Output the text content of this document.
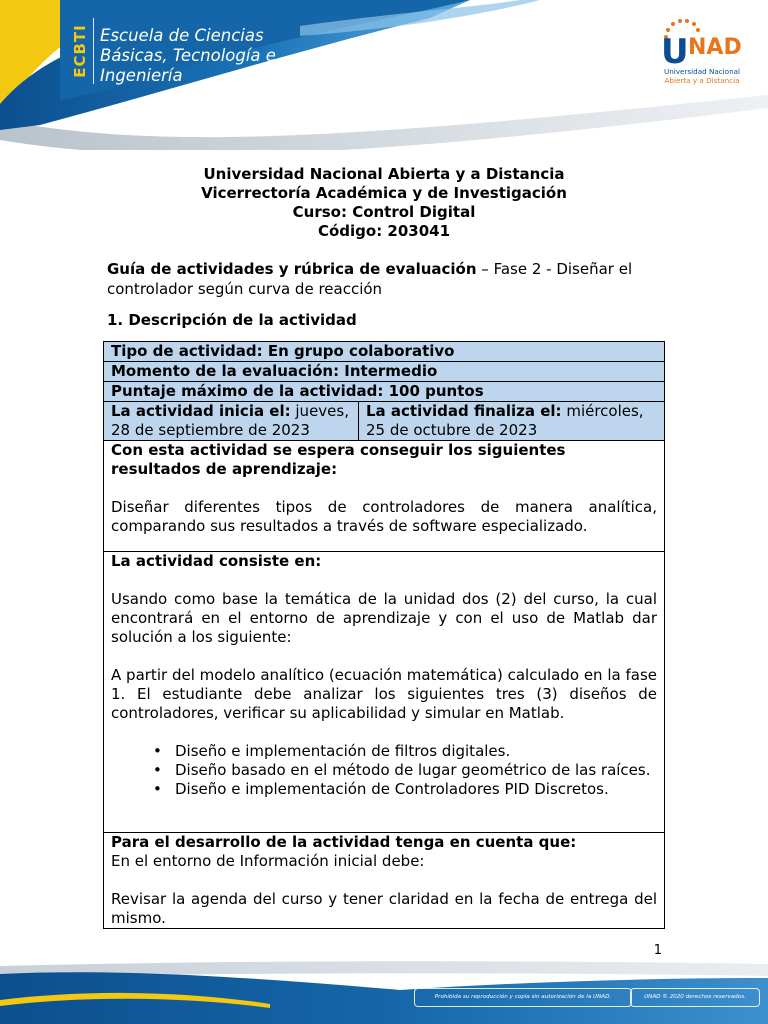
ECBTI Escuela de Ciencias
Básicas, Tecnología e
Ingeniería
U NAD
Universidad Nacional
Abierta y a Distancia
Universidad Nacional Abierta y a Distancia
Vicerrectoría Académica y de Investigación
Curso: Control Digital
Código: 203041
Guía de actividades y rúbrica de evaluación – Fase 2 - Diseñar el controlador según curva de reacción
1. Descripción de la actividad
Tipo de actividad: En grupo colaborativo
Momento de la evaluación: Intermedio
Puntaje máximo de la actividad: 100 puntos
La actividad inicia el: jueves, 28 de septiembre de 2023	La actividad finaliza el: miércoles, 25 de octubre de 2023

Con esta actividad se espera conseguir los siguientes resultados de aprendizaje:

Diseñar diferentes tipos de controladores de manera analítica, comparando sus resultados a través de software especializado.

La actividad consiste en:

Usando como base la temática de la unidad dos (2) del curso, la cual encontrará en el entorno de aprendizaje y con el uso de Matlab dar solución a los siguiente:

A partir del modelo analítico (ecuación matemática) calculado en la fase 1. El estudiante debe analizar los siguientes tres (3) diseños de controladores, verificar su aplicabilidad y simular en Matlab.

• Diseño e implementación de filtros digitales.
• Diseño basado en el método de lugar geométrico de las raíces.
• Diseño e implementación de Controladores PID Discretos.

Para el desarrollo de la actividad tenga en cuenta que:
En el entorno de Información inicial debe:

Revisar la agenda del curso y tener claridad en la fecha de entrega del mismo.

1
Prohibida su reproducción y copia sin autorización de la UNAD.	UNAD © 2020 derechos reservados.
